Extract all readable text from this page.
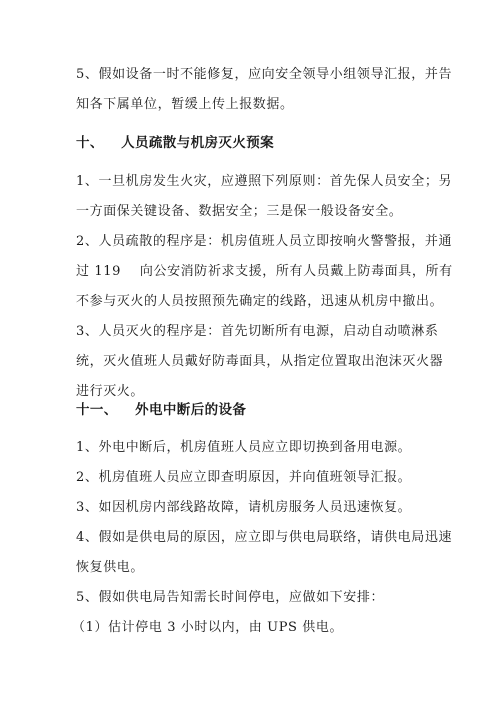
5、假如设备一时不能修复，应向安全领导小组领导汇报，并告
知各下属单位，暂缓上传上报数据。
十、 人员疏散与机房灭火预案
1、一旦机房发生火灾，应遵照下列原则：首先保人员安全；另
一方面保关键设备、数据安全；三是保一般设备安全。
2、人员疏散的程序是：机房值班人员立即按响火警警报，并通
过 119    向公安消防祈求支援，所有人员戴上防毒面具，所有
不参与灭火的人员按照预先确定的线路，迅速从机房中撤出。
3、人员灭火的程序是：首先切断所有电源，启动自动喷淋系
统，灭火值班人员戴好防毒面具，从指定位置取出泡沫灭火器
进行灭火。
十一、 外电中断后的设备
1、外电中断后，机房值班人员应立即切换到备用电源。
2、机房值班人员应立即查明原因，并向值班领导汇报。
3、如因机房内部线路故障，请机房服务人员迅速恢复。
4、假如是供电局的原因，应立即与供电局联络，请供电局迅速
恢复供电。
5、假如供电局告知需长时间停电，应做如下安排：
（1）估计停电 3 小时以内，由 UPS 供电。
